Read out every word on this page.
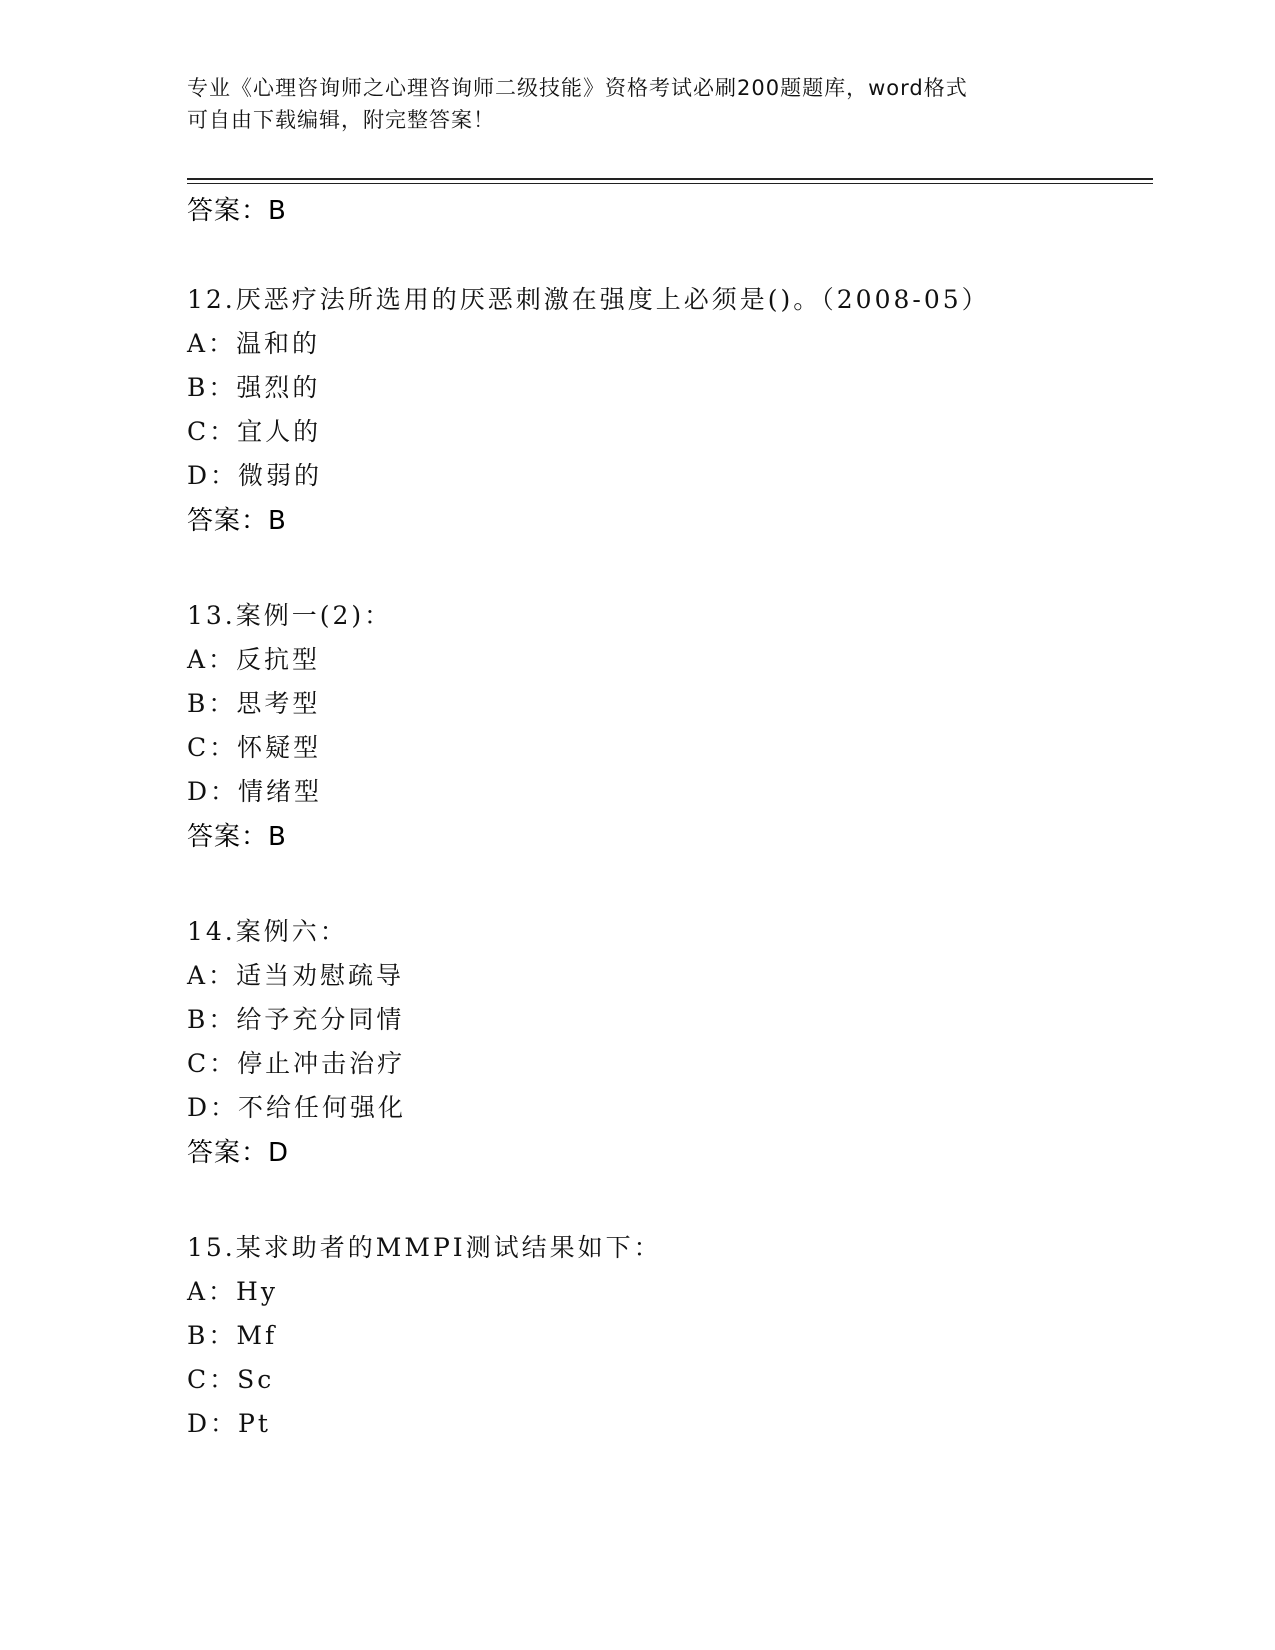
专业《心理咨询师之心理咨询师二级技能》资格考试必刷200题题库，word格式
可自由下载编辑，附完整答案！
答案：B
12.厌恶疗法所选用的厌恶刺激在强度上必须是()。（2008-05）
A：温和的
B：强烈的
C：宜人的
D：微弱的
答案：B
13.案例一(2)：
A：反抗型
B：思考型
C：怀疑型
D：情绪型
答案：B
14.案例六：
A：适当劝慰疏导
B：给予充分同情
C：停止冲击治疗
D：不给任何强化
答案：D
15.某求助者的MMPI测试结果如下：
A：Hy
B：Mf
C：Sc
D：Pt
